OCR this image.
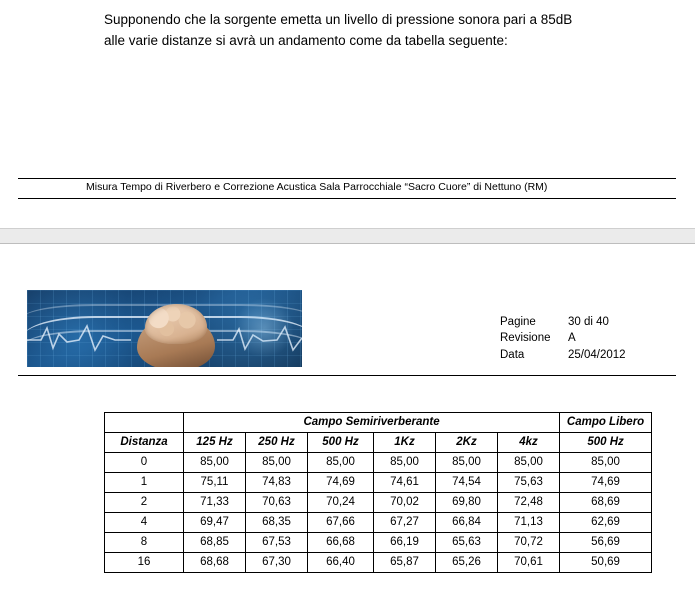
Supponendo che la sorgente emetta un livello di pressione sonora pari a 85dB
alle varie distanze si avrà un andamento come da tabella seguente:
Misura Tempo di Riverbero e Correzione Acustica Sala Parrocchiale “Sacro Cuore” di Nettuno (RM)
Pagine	30 di 40
Revisione	A
Data	25/04/2012
	Campo Semiriverberante						Campo Libero
Distanza	125 Hz	250 Hz	500 Hz	1Kz	2Kz	4kz	500 Hz
0	85,00	85,00	85,00	85,00	85,00	85,00	85,00
1	75,11	74,83	74,69	74,61	74,54	75,63	74,69
2	71,33	70,63	70,24	70,02	69,80	72,48	68,69
4	69,47	68,35	67,66	67,27	66,84	71,13	62,69
8	68,85	67,53	66,68	66,19	65,63	70,72	56,69
16	68,68	67,30	66,40	65,87	65,26	70,61	50,69
